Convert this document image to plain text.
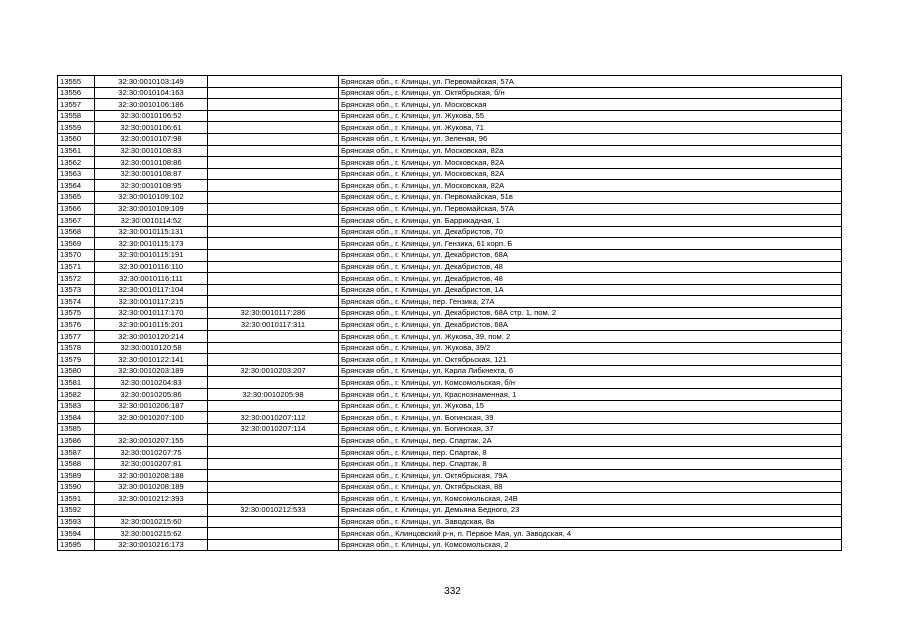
13555	32:30:0010103:149		Брянская обл., г. Клинцы, ул. Первомайская, 57А
13556	32:30:0010104:163		Брянская обл., г. Клинцы, ул. Октябрьская, б/н
13557	32:30:0010106:186		Брянская обл., г. Клинцы, ул. Московская
13558	32:30:0010106:52		Брянская обл., г. Клинцы, ул. Жукова, 55
13559	32:30:0010106:61		Брянская обл., г. Клинцы, ул. Жукова, 71
13560	32:30:0010107:98		Брянская обл., г. Клинцы, ул. Зеленая, 96
13561	32:30:0010108:83		Брянская обл., г. Клинцы, ул. Московская, 82а
13562	32:30:0010108:86		Брянская обл., г. Клинцы, ул. Московская, 82А
13563	32:30:0010108:87		Брянская обл., г. Клинцы, ул. Московская, 82А
13564	32:30:0010108:95		Брянская обл., г. Клинцы, ул. Московская, 82А
13565	32:30:0010109:102		Брянская обл., г. Клинцы, ул. Первомайская, 51в
13566	32:30:0010109:109		Брянская обл., г. Клинцы, ул. Первомайская, 57А
13567	32:30:0010114:52		Брянская обл., г. Клинцы, ул. Баррикадная, 1
13568	32:30:0010115:131		Брянская обл., г. Клинцы, ул. Декабристов, 70
13569	32:30:0010115:173		Брянская обл., г. Клинцы, ул. Гензика, 61 корп. Б
13570	32:30:0010115:191		Брянская обл., г. Клинцы, ул. Декабристов, 68А
13571	32:30:0010116:110		Брянская обл., г. Клинцы, ул. Декабристов, 48
13572	32:30:0010116:111		Брянская обл., г. Клинцы, ул. Декабристов, 48
13573	32:30:0010117:104		Брянская обл., г. Клинцы, ул. Декабристов, 1А
13574	32:30:0010117:215		Брянская обл., г. Клинцы, пер. Гензика, 27А
13575	32:30:0010117:170	32:30:0010117:286	Брянская обл., г. Клинцы, ул. Декабристов, 68А стр. 1, пом. 2
13576	32:30:0010115:201	32:30:0010117:311	Брянская обл., г. Клинцы, ул. Декабристов, 68А
13577	32:30:0010120:214		Брянская обл., г. Клинцы, ул. Жукова, 39, пом. 2
13578	32:30:0010120:58		Брянская обл., г. Клинцы, ул. Жукова, 39/2
13579	32:30:0010122:141		Брянская обл., г. Клинцы, ул. Октябрьская, 121
13580	32:30:0010203:189	32:30:0010203:207	Брянская обл., г. Клинцы, ул. Карла Либкнехта, 6
13581	32:30:0010204:83		Брянская обл., г. Клинцы, ул. Комсомольская, б/н
13582	32:30:0010205:86	32:30:0010205:98	Брянская обл., г. Клинцы, ул. Краснознаменная, 1
13583	32:30:0010206:187		Брянская обл., г. Клинцы, ул. Жукова, 15
13584	32:30:0010207:100	32:30:0010207:112	Брянская обл., г. Клинцы, ул. Богинская, 39
13585		32:30:0010207:114	Брянская обл., г. Клинцы, ул. Богинская, 37
13586	32:30:0010207:155		Брянская обл., г. Клинцы, пер. Спартак, 2А
13587	32:30:0010207:75		Брянская обл., г. Клинцы, пер. Спартак, 8
13588	32:30:0010207:81		Брянская обл., г. Клинцы, пер. Спартак, 8
13589	32:30:0010208:188		Брянская обл., г. Клинцы, ул. Октябрьская, 79А
13590	32:30:0010208:189		Брянская обл., г. Клинцы, ул. Октябрьская, 88
13591	32:30:0010212:393		Брянская обл., г. Клинцы, ул. Комсомольская, 24В
13592		32:30:0010212:533	Брянская обл., г. Клинцы, ул. Демьяна Бедного, 23
13593	32:30:0010215:60		Брянская обл., г. Клинцы, ул. Заводская, 8а
13594	32:30:0010215:62		Брянская обл., Клинцовский р-н, п. Первое Мая, ул. Заводская, 4
13595	32:30:0010216:173		Брянская обл., г. Клинцы, ул. Комсомольская, 2
332
